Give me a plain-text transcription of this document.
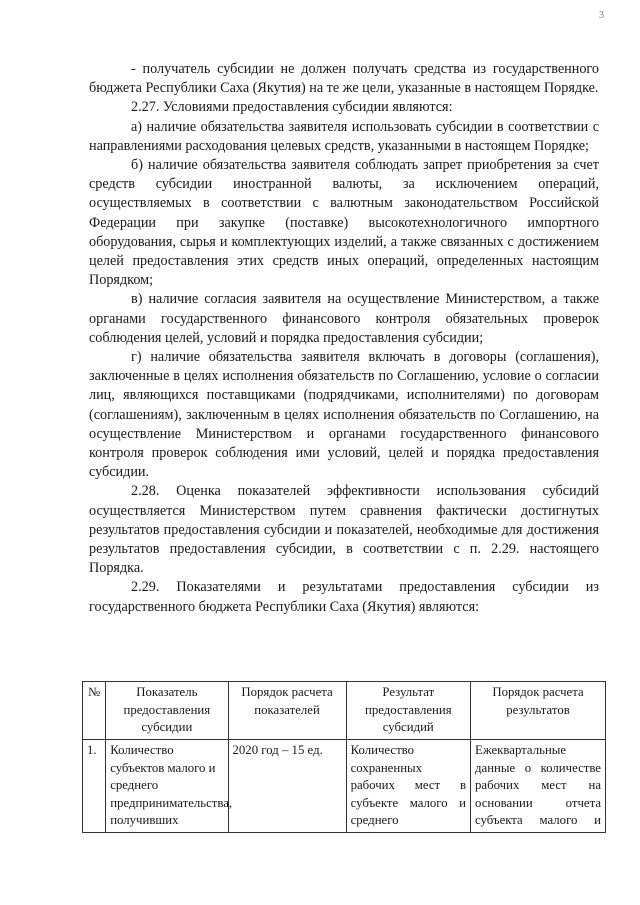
3

- получатель субсидии не должен получать средства из государственного бюджета Республики Саха (Якутия) на те же цели, указанные в настоящем Порядке.

2.27. Условиями предоставления субсидии являются:

а) наличие обязательства заявителя использовать субсидии в соответствии с направлениями расходования целевых средств, указанными в настоящем Порядке;

б) наличие обязательства заявителя соблюдать запрет приобретения за счет средств субсидии иностранной валюты, за исключением операций, осуществляемых в соответствии с валютным законодательством Российской Федерации при закупке (поставке) высокотехнологичного импортного оборудования, сырья и комплектующих изделий, а также связанных с достижением целей предоставления этих средств иных операций, определенных настоящим Порядком;

в) наличие согласия заявителя на осуществление Министерством, а также органами государственного финансового контроля обязательных проверок соблюдения целей, условий и порядка предоставления субсидии;

г) наличие обязательства заявителя включать в договоры (соглашения), заключенные в целях исполнения обязательств по Соглашению, условие о согласии лиц, являющихся поставщиками (подрядчиками, исполнителями) по договорам (соглашениям), заключенным в целях исполнения обязательств по Соглашению, на осуществление Министерством и органами государственного финансового контроля проверок соблюдения ими условий, целей и порядка предоставления субсидии.

2.28. Оценка показателей эффективности использования субсидий осуществляется Министерством путем сравнения фактически достигнутых результатов предоставления субсидии и показателей, необходимые для достижения результатов предоставления субсидии, в соответствии с п. 2.29. настоящего Порядка.

2.29. Показателями и результатами предоставления субсидии из государственного бюджета Республики Саха (Якутия) являются:

№	Показатель предоставления субсидии	Порядок расчета показателей	Результат предоставления субсидий	Порядок расчета результатов
1.	Количество субъектов малого и среднего предпринимательства, получивших	2020 год – 15 ед.	Количество сохраненных рабочих мест в субъекте малого и среднего	Ежеквартальные данные о количестве рабочих мест на основании отчета субъекта малого и
